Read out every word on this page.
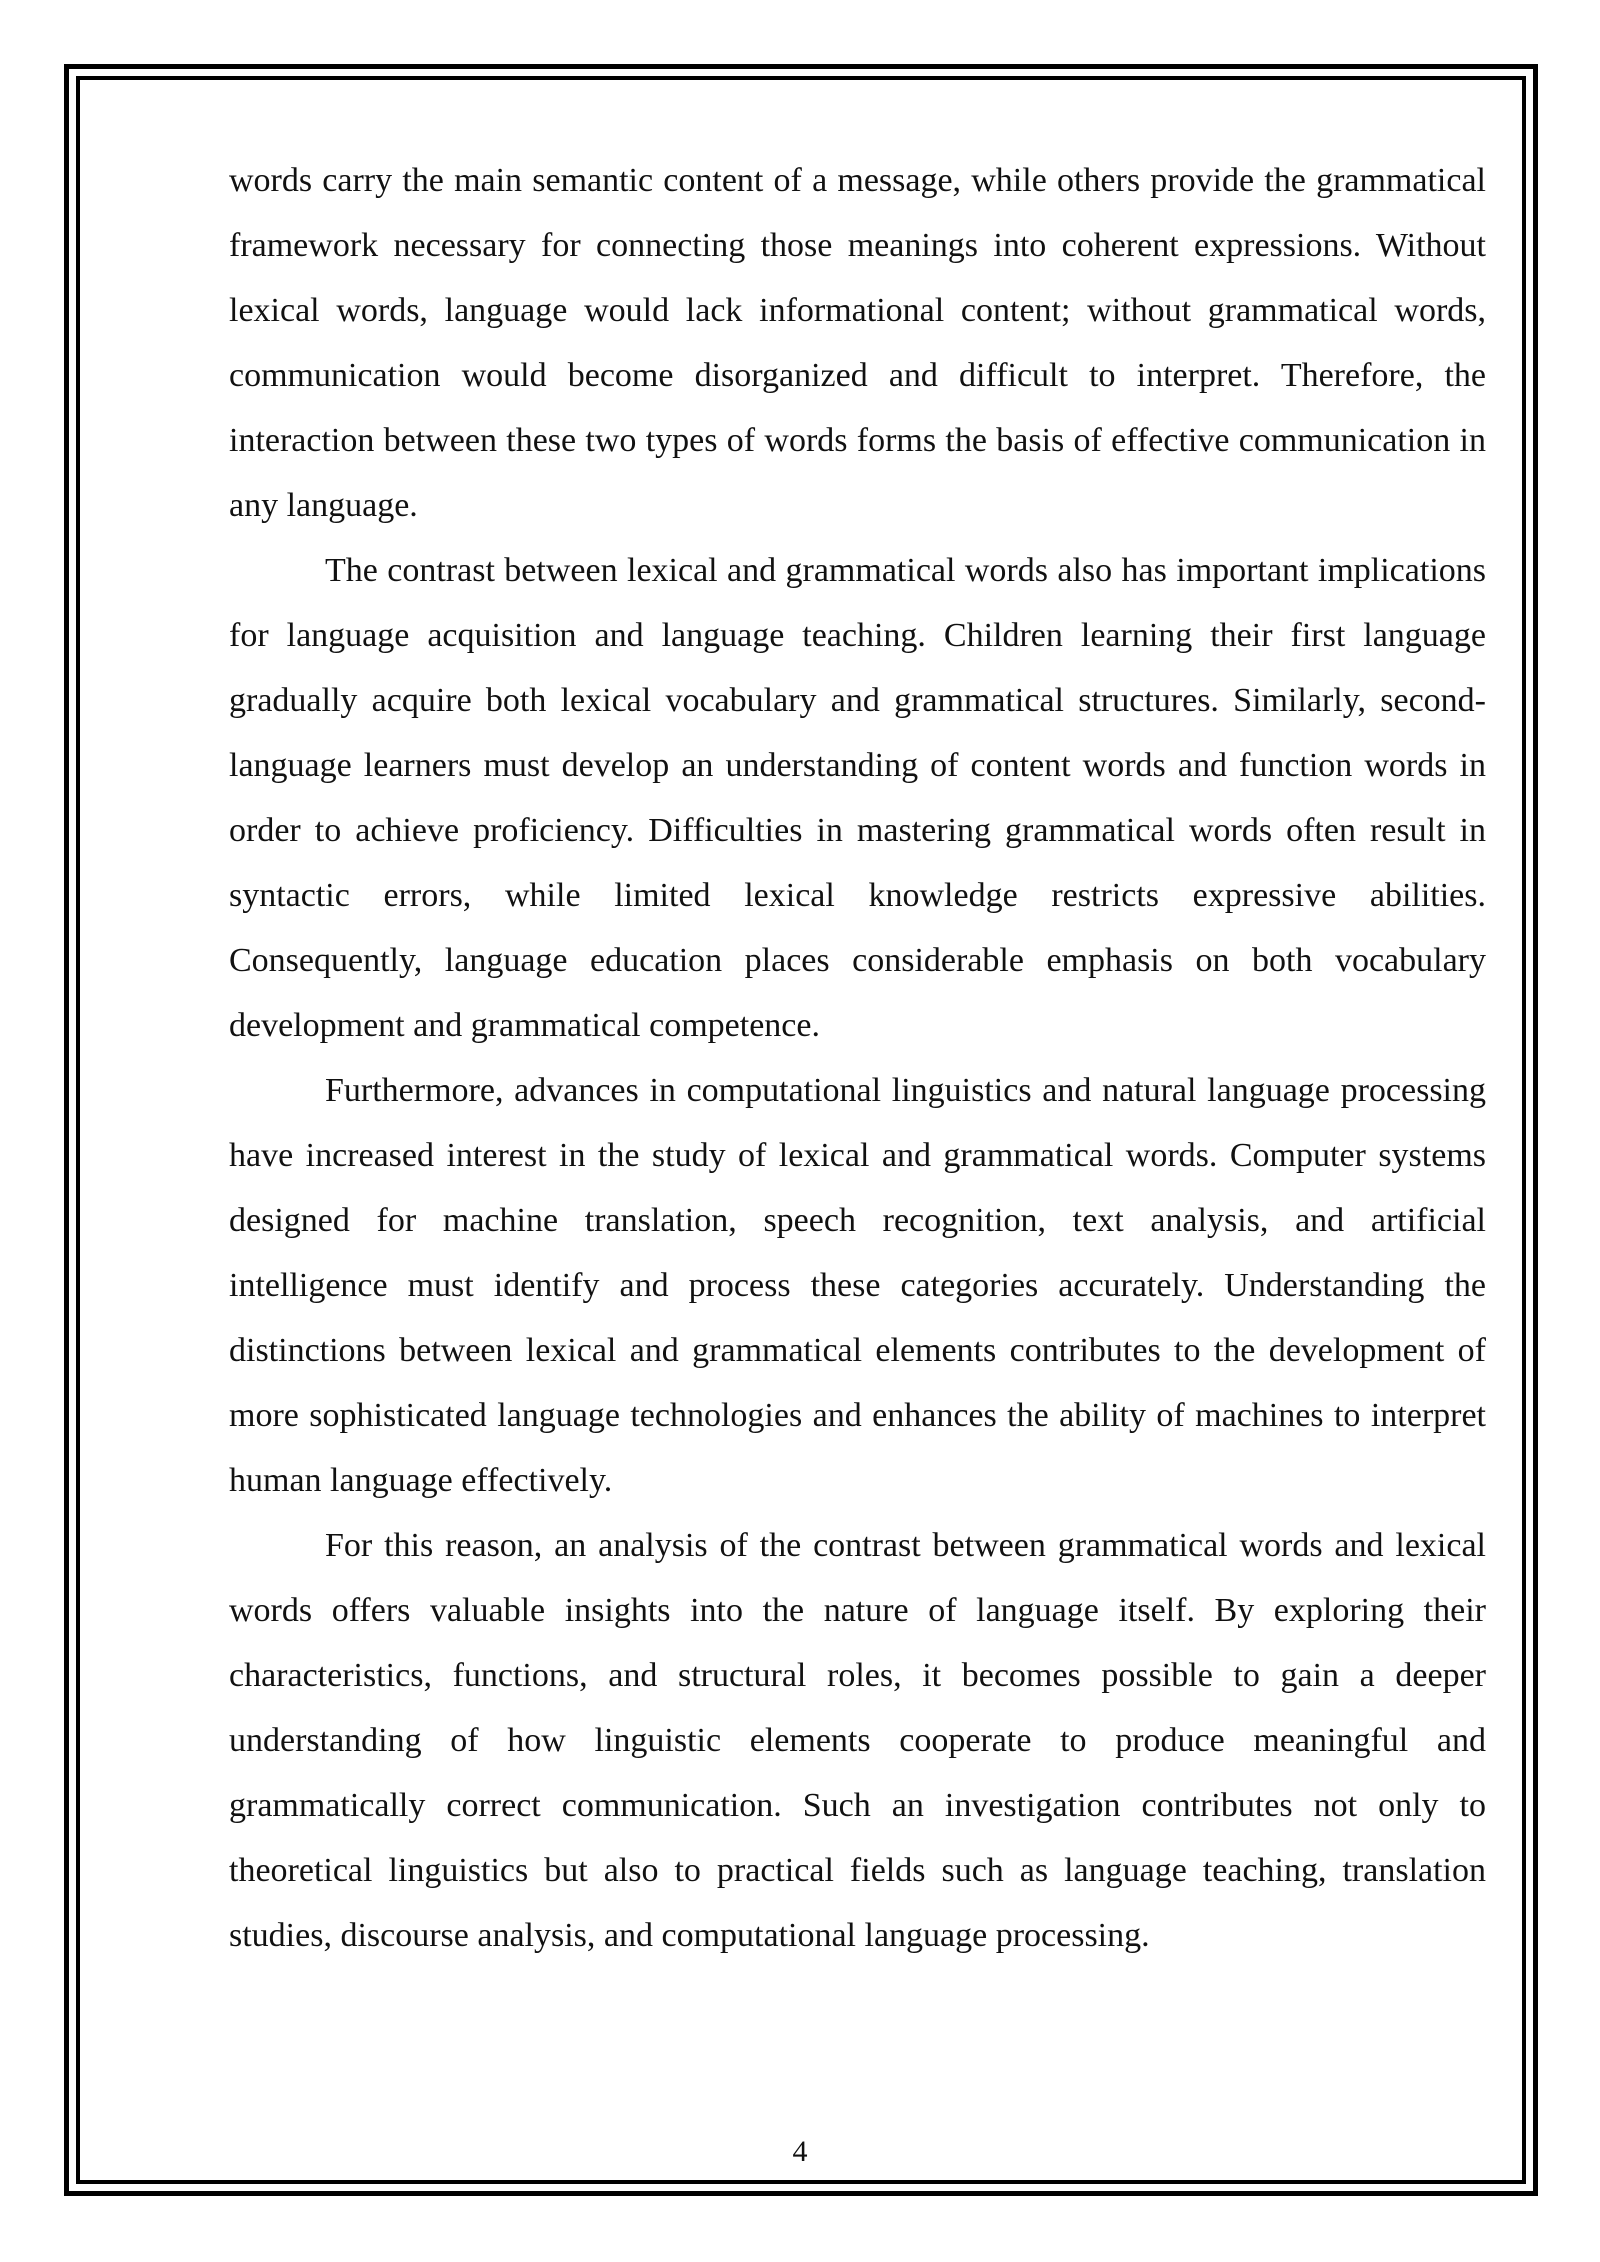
words carry the main semantic content of a message, while others provide the grammatical framework necessary for connecting those meanings into coherent expressions. Without lexical words, language would lack informational content; without grammatical words, communication would become disorganized and difficult to interpret. Therefore, the interaction between these two types of words forms the basis of effective communication in any language.

The contrast between lexical and grammatical words also has important implications for language acquisition and language teaching. Children learning their first language gradually acquire both lexical vocabulary and grammatical structures. Similarly, second-language learners must develop an understanding of content words and function words in order to achieve proficiency. Difficulties in mastering grammatical words often result in syntactic errors, while limited lexical knowledge restricts expressive abilities. Consequently, language education places considerable emphasis on both vocabulary development and grammatical competence.

Furthermore, advances in computational linguistics and natural language processing have increased interest in the study of lexical and grammatical words. Computer systems designed for machine translation, speech recognition, text analysis, and artificial intelligence must identify and process these categories accurately. Understanding the distinctions between lexical and grammatical elements contributes to the development of more sophisticated language technologies and enhances the ability of machines to interpret human language effectively.

For this reason, an analysis of the contrast between grammatical words and lexical words offers valuable insights into the nature of language itself. By exploring their characteristics, functions, and structural roles, it becomes possible to gain a deeper understanding of how linguistic elements cooperate to produce meaningful and grammatically correct communication. Such an investigation contributes not only to theoretical linguistics but also to practical fields such as language teaching, translation studies, discourse analysis, and computational language processing.

4
